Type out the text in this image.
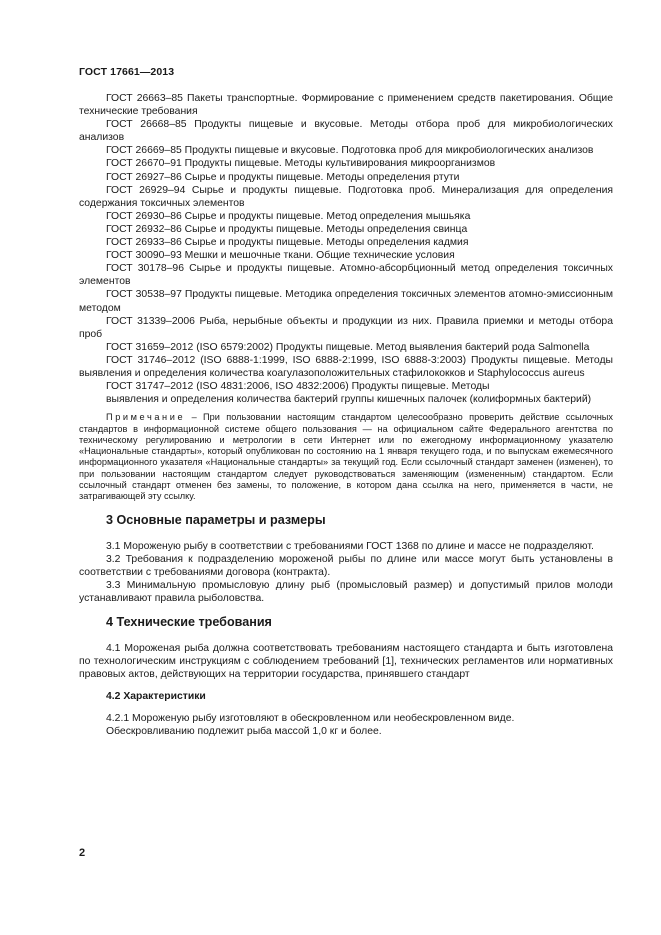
ГОСТ 17661—2013

ГОСТ 26663–85 Пакеты транспортные. Формирование с применением средств пакетирования. Общие технические требования

ГОСТ 26668–85 Продукты пищевые и вкусовые. Методы отбора проб для микробиологических анализов

ГОСТ 26669–85 Продукты пищевые и вкусовые. Подготовка проб для микробиологических анализов

ГОСТ 26670–91 Продукты пищевые. Методы культивирования микроорганизмов

ГОСТ 26927–86 Сырье и продукты пищевые. Методы определения ртути

ГОСТ 26929–94 Сырье и продукты пищевые. Подготовка проб. Минерализация для определения содержания токсичных элементов

ГОСТ 26930–86 Сырье и продукты пищевые. Метод определения мышьяка

ГОСТ 26932–86 Сырье и продукты пищевые. Методы определения свинца

ГОСТ 26933–86 Сырье и продукты пищевые. Методы определения кадмия

ГОСТ 30090–93 Мешки и мешочные ткани. Общие технические условия

ГОСТ 30178–96 Сырье и продукты пищевые. Атомно-абсорбционный метод определения токсичных элементов

ГОСТ 30538–97 Продукты пищевые. Методика определения токсичных элементов атомно-эмиссионным методом

ГОСТ 31339–2006 Рыба, нерыбные объекты и продукции из них. Правила приемки и методы отбора проб

ГОСТ 31659–2012 (ISO 6579:2002) Продукты пищевые. Метод выявления бактерий рода Salmonella

ГОСТ 31746–2012 (ISO 6888-1:1999, ISO 6888-2:1999, ISO 6888-3:2003) Продукты пищевые. Методы выявления и определения количества коагулазоположительных стафилококков и Staphylococcus aureus

ГОСТ 31747–2012 (ISO 4831:2006, ISO 4832:2006) Продукты пищевые. Методы

выявления и определения количества бактерий группы кишечных палочек (колиформных бактерий)

Примечание – При пользовании настоящим стандартом целесообразно проверить действие ссылочных стандартов в информационной системе общего пользования — на официальном сайте Федерального агентства по техническому регулированию и метрологии в сети Интернет или по ежегодному информационному указателю «Национальные стандарты», который опубликован по состоянию на 1 января текущего года, и по выпускам ежемесячного информационного указателя «Национальные стандарты» за текущий год. Если ссылочный стандарт заменен (изменен), то при пользовании настоящим стандартом следует руководствоваться заменяющим (измененным) стандартом. Если ссылочный стандарт отменен без замены, то положение, в котором дана ссылка на него, применяется в части, не затрагивающей эту ссылку.

3 Основные параметры и размеры

3.1 Мороженую рыбу в соответствии с требованиями ГОСТ 1368 по длине и массе не подразделяют.

3.2 Требования к подразделению мороженой рыбы по длине или массе могут быть установлены в соответствии с требованиями договора (контракта).

3.3 Минимальную промысловую длину рыб (промысловый размер) и допустимый прилов молоди устанавливают правила рыболовства.

4 Технические требования

4.1 Мороженая рыба должна соответствовать требованиям настоящего стандарта и быть изготовлена по технологическим инструкциям с соблюдением требований [1], технических регламентов или нормативных правовых актов, действующих на территории государства, принявшего стандарт

4.2 Характеристики

4.2.1 Мороженую рыбу изготовляют в обескровленном или необескровленном виде.

Обескровливанию подлежит рыба массой 1,0 кг и более.

2
